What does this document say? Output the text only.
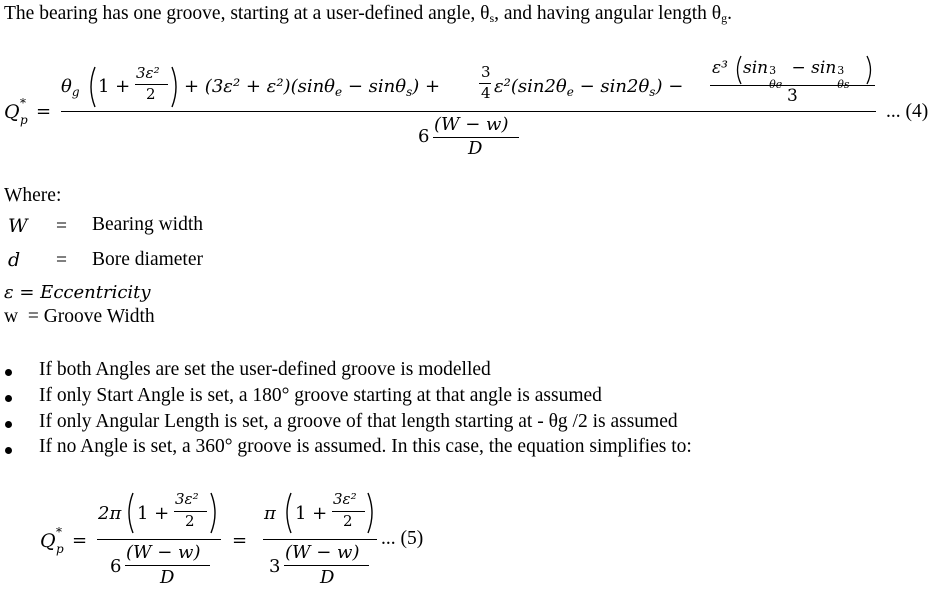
The bearing has one groove, starting at a user-defined angle, θs, and having angular length θg.
Q *
p =
$\theta_g$ 1 +
3ε²
2 + (3ε² + ε²)(sinθ$_e$ − sinθ$_s$) +
3
4 $\varepsilon^2(\sin 2\theta_e - \sin 2\theta_s)$ −
ε³ sin 3 − sin 3
3
6
(W − w)
D
... (4)
Where:
W = Bearing width
d = Bore diameter
ε = Eccentricity
w = Groove Width
If both Angles are set the user-defined groove is modelled
If only Start Angle is set, a 180° groove starting at that angle is assumed
If only Angular Length is set, a groove of that length starting at - θg /2 is assumed
If no Angle is set, a 360° groove is assumed. In this case, the equation simplifies to:
Q *
p =
2π 1 +
3ε²
2
6
(W − w)
D
=
π 1 +
3ε²
2
3
(W − w)
D
... (5)
